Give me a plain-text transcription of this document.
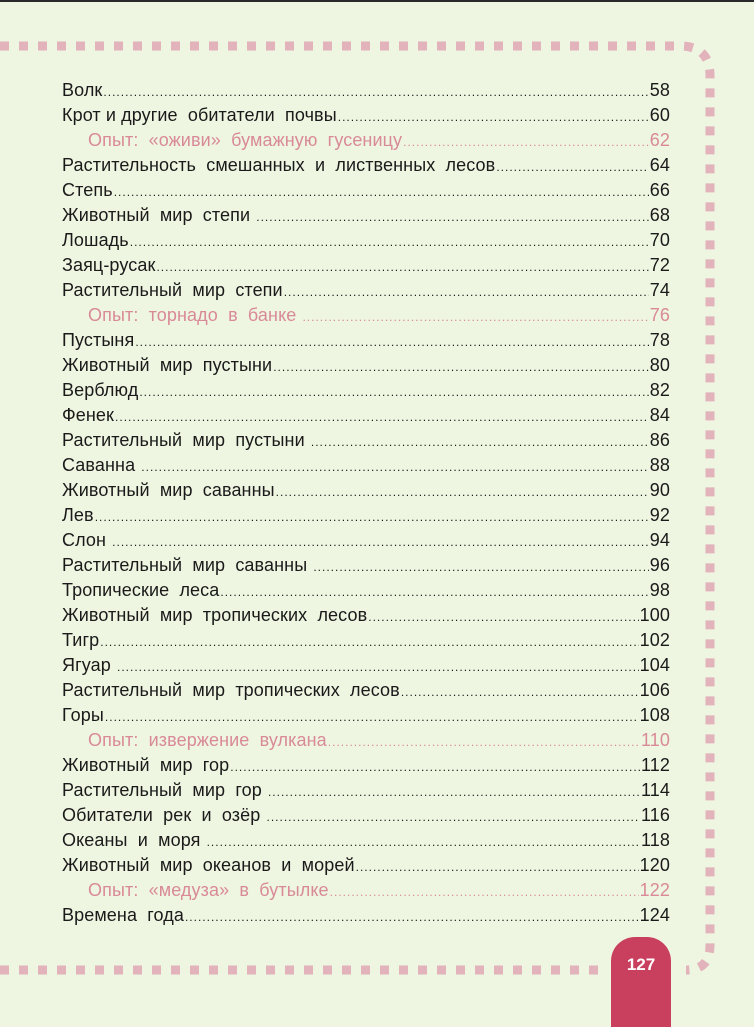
Волк .....	58
Крот и другие  обитатели  почвы .....	60
Опыт:  «оживи»  бумажную  гусеницу .....	62
Растительность  смешанных  и  лиственных  лесов .....	64
Степь .....	66
Животный  мир  степи .....	68
Лошадь .....	70
Заяц-русак .....	72
Растительный  мир  степи .....	74
Опыт:  торнадо  в  банке .....	76
Пустыня .....	78
Животный  мир  пустыни .....	80
Верблюд .....	82
Фенек .....	84
Растительный  мир  пустыни .....	86
Саванна .....	88
Животный  мир  саванны .....	90
Лев .....	92
Слон .....	94
Растительный  мир  саванны .....	96
Тропические  леса .....	98
Животный  мир  тропических  лесов .....	100
Тигр .....	102
Ягуар .....	104
Растительный  мир  тропических  лесов .....	106
Горы .....	108
Опыт:  извержение  вулкана .....	110
Животный  мир  гор .....	112
Растительный  мир  гор .....	114
Обитатели  рек  и  озёр .....	116
Океаны  и  моря .....	118
Животный  мир  океанов  и  морей .....	120
Опыт:  «медуза»  в  бутылке .....	122
Времена  года .....	124
127
